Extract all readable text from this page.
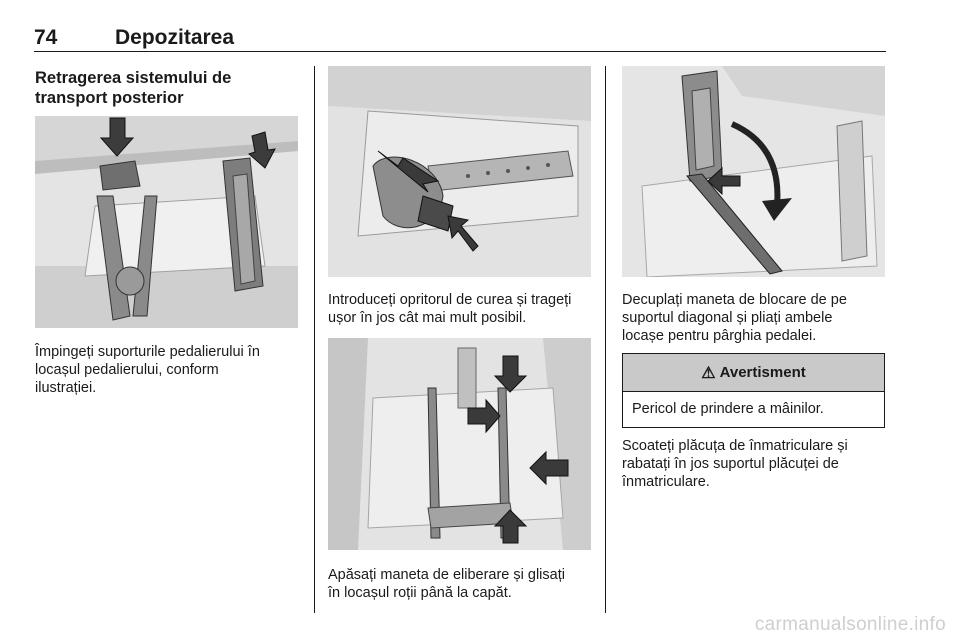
74	Depozitarea
Retragerea sistemului de
transport posterior
Împingeți suporturile pedalierului în
locașul pedalierului, conform
ilustrației.
Introduceți opritorul de curea și trageți
ușor în jos cât mai mult posibil.
Apăsați maneta de eliberare și glisați
în locașul roții până la capăt.
Decuplați maneta de blocare de pe
suportul diagonal și pliați ambele
locașe pentru pârghia pedalei.
⚠ Avertisment
Pericol de prindere a mâinilor.
Scoateți plăcuța de înmatriculare și
rabatați în jos suportul plăcuței de
înmatriculare.
carmanualsonline.info
